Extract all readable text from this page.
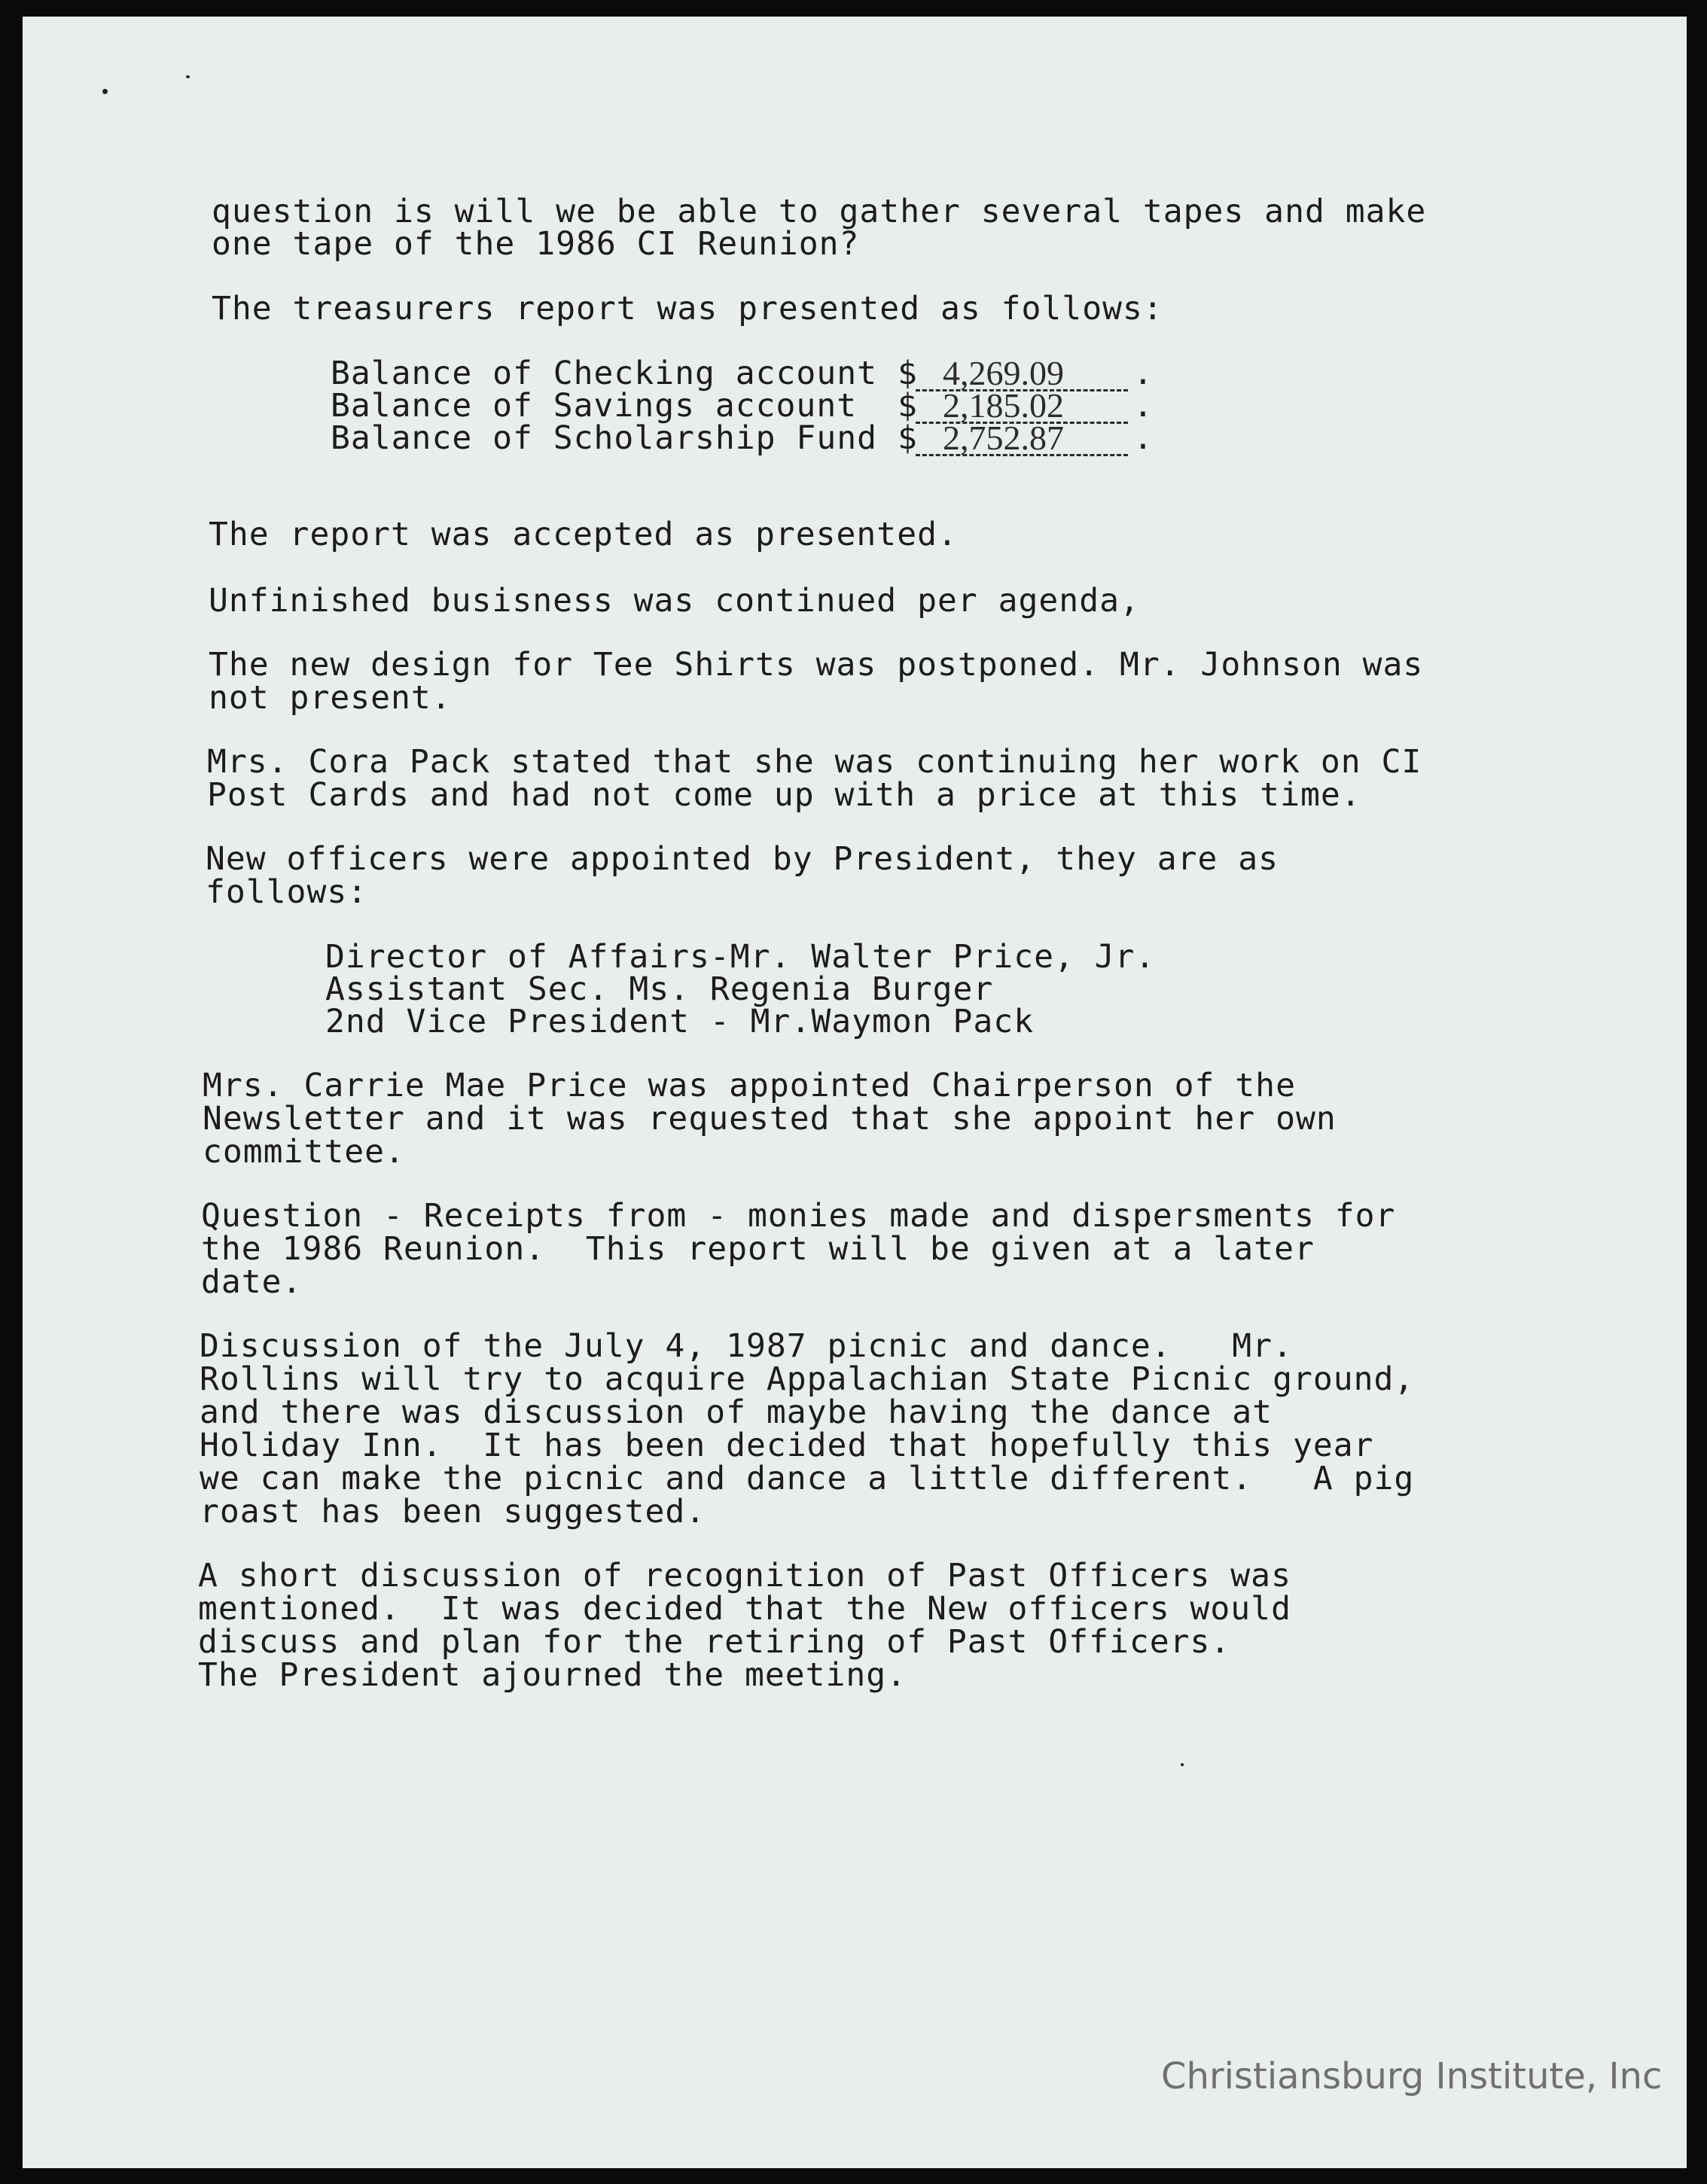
question is will we be able to gather several tapes and make
one tape of the 1986 CI Reunion?
The treasurers report was presented as follows:
The report was accepted as presented.
Unfinished busisness was continued per agenda,
The new design for Tee Shirts was postponed. Mr. Johnson was
not present.
Mrs. Cora Pack stated that she was continuing her work on CI
Post Cards and had not come up with a price at this time.
New officers were appointed by President, they are as
follows:
Mrs. Carrie Mae Price was appointed Chairperson of the
Newsletter and it was requested that she appoint her own
committee.
Question - Receipts from - monies made and dispersments for
the 1986 Reunion.  This report will be given at a later
date.
Discussion of the July 4, 1987 picnic and dance.   Mr.
Rollins will try to acquire Appalachian State Picnic ground,
and there was discussion of maybe having the dance at
Holiday Inn.  It has been decided that hopefully this year
we can make the picnic and dance a little different.   A pig
roast has been suggested.
A short discussion of recognition of Past Officers was
mentioned.  It was decided that the New officers would
discuss and plan for the retiring of Past Officers.
The President ajourned the meeting.
Balance of Checking account $ 4,269.09 .
Balance of Savings account $ 2,185.02 .
Balance of Scholarship Fund $ 2,752.87 .
Director of Affairs-Mr. Walter Price, Jr.
Assistant Sec. Ms. Regenia Burger
2nd Vice President - Mr.Waymon Pack
Christiansburg Institute, Inc
